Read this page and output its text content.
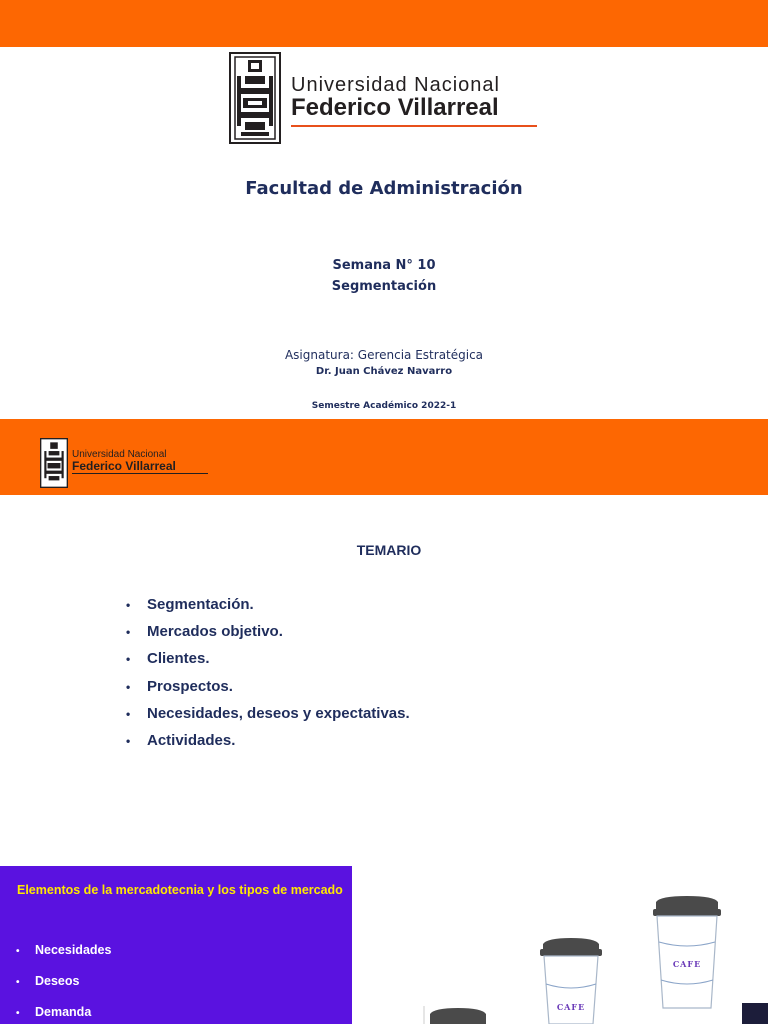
Universidad Nacional
Federico Villarreal
Facultad de Administración
Semana N° 10
Segmentación
Asignatura: Gerencia Estratégica
Dr. Juan Chávez Navarro
Semestre Académico 2022-1
Universidad Nacional
Federico Villarreal
TEMARIO
• Segmentación.
• Mercados objetivo.
• Clientes.
• Prospectos.
• Necesidades, deseos y expectativas.
• Actividades.
Elementos de la mercadotecnia y los tipos de mercado
• Necesidades
• Deseos
• Demanda
CAFE
CAFE
